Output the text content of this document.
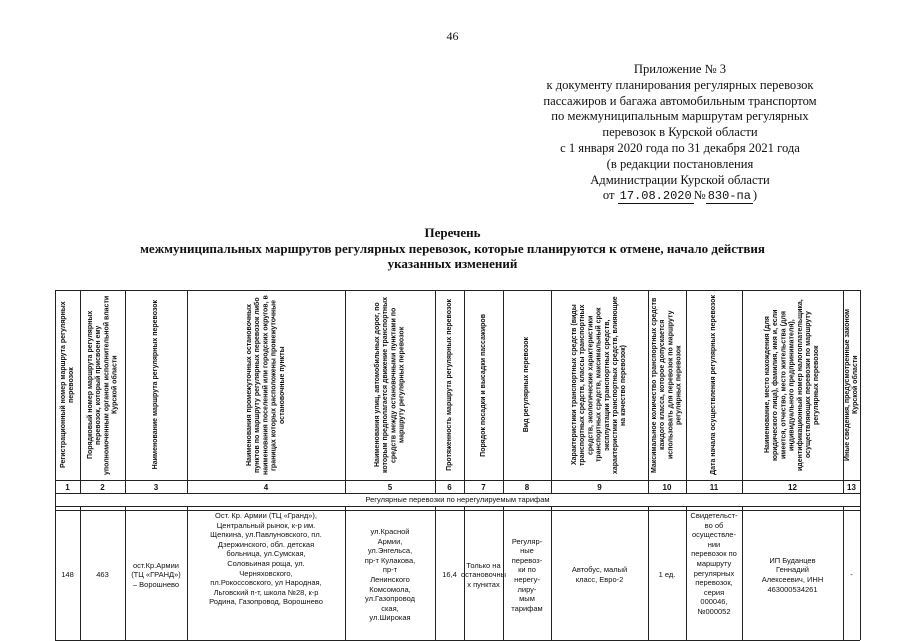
46
Приложение № 3
к документу планирования регулярных перевозок
пассажиров и багажа автомобильным транспортом
по межмуниципальным маршрутам регулярных
перевозок в Курской области
с 1 января 2020 года по 31 декабря 2021 года
(в редакции постановления
Администрации Курской области
от 17.08.2020 № 830-па )
Перечень
межмуниципальных маршрутов регулярных перевозок, которые планируются к отмене, начало действия
указанных изменений
Регулярные перевозки по нерегулируемым тарифам
Регистрационный номер маршрута регулярных перевозок
1
148
Порядковый номер маршрута регулярных перевозок, который присвоен ему уполномоченным органом исполнительной власти Курской области
2
463
Наименование маршрута регулярных перевозок
3
ост.Кр.Армии
(ТЦ «ГРАНД»)
– Ворошнево
Наименования промежуточных остановочных пунктов по маршруту регулярных перевозок либо наименования поселений или городских округов, в границах которых расположены промежуточные остановочные пункты
4
Ост. Кр. Армии (ТЦ «Гранд»),
Центральный рынок, к-р им.
Щепкина, ул.Павлуновского, пл.
Дзержинского, обл. детская
больница, ул.Сумская,
Соловьиная роща, ул.
Черняховского,
пл.Рокоссовского, ул Народная,
Льговский п-т, школа №28, к-р
Родина, Газопровод, Ворошнево
Наименования улиц, автомобильных дорог, по которым предполагается движение транспортных средств между остановочными пунктами по маршруту регулярных перевозок
5
ул.Красной
Армии,
ул.Энгельса,
пр-т Кулакова,
пр-т
Ленинского
Комсомола,
ул.Газопровод
ская,
ул.Широкая
Протяженность маршрута регулярных перевозок
6
16,4
Порядок посадки и высадки пассажиров
7
Только на
остановочны
х пунктах
Вид регулярных перевозок
8
Регуляр-
ные
перевоз-
ки по
нерегу-
лиру-
мым
тарифам
Характеристики транспортных средств (виды транспортных средств, классы транспортных средств, экологические характеристики транспортных средств, максимальный срок эксплуатации транспортных средств, характеристики транспортных средств, влияющие на качество перевозок)
9
Автобус, малый
класс, Евро-2
Максимальное количество транспортных средств каждого класса, которое допускается использовать для перевозок по маршруту регулярных перевозок
10
1 ед.
Дата начала осуществления регулярных перевозок
11
Свидетельст-
во об
осуществле-
нии
перевозок по
маршруту
регулярных
перевозок,
серия
000046,
№000052
Наименование, место нахождения (для юридического лица), фамилия, имя и, если имеется, отчество, место жительства (для индивидуального предпринимателя), идентификационный номер налогоплательщика, осуществляющих перевозки по маршруту регулярных перевозок
12
ИП Буданцев
Геннадий
Алексеевич, ИНН
463000534261
Иные сведения, предусмотренные законом Курской области
13
-
